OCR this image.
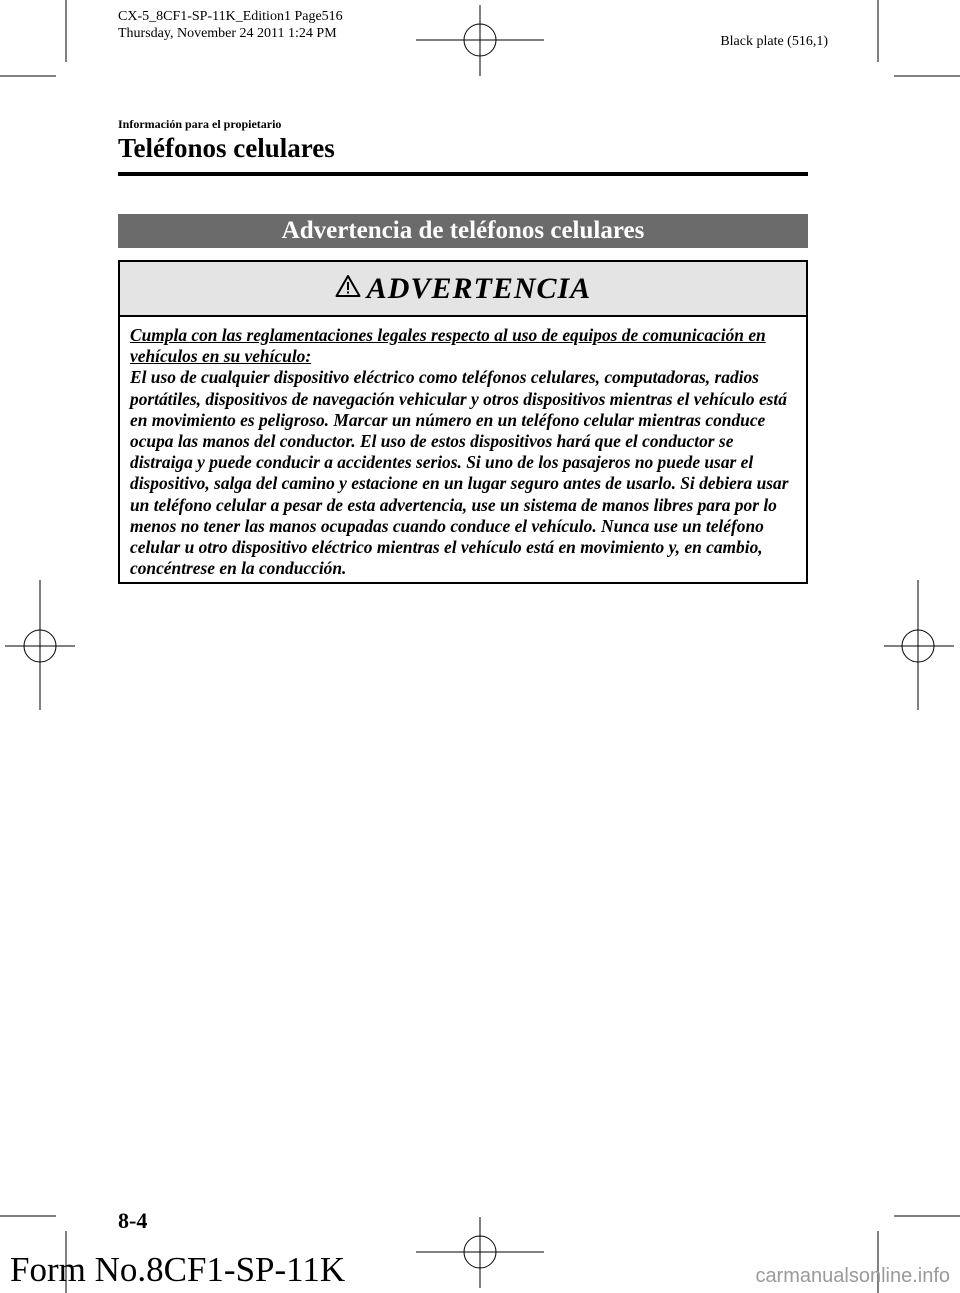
CX-5_8CF1-SP-11K_Edition1 Page516
Thursday, November 24 2011 1:24 PM
Black plate (516,1)
Información para el propietario
Teléfonos celulares
Advertencia de teléfonos celulares
ADVERTENCIA
Cumpla con las reglamentaciones legales respecto al uso de equipos de comunicación en vehículos en su vehículo:
El uso de cualquier dispositivo eléctrico como teléfonos celulares, computadoras, radios portátiles, dispositivos de navegación vehicular y otros dispositivos mientras el vehículo está en movimiento es peligroso. Marcar un número en un teléfono celular mientras conduce ocupa las manos del conductor. El uso de estos dispositivos hará que el conductor se distraiga y puede conducir a accidentes serios. Si uno de los pasajeros no puede usar el dispositivo, salga del camino y estacione en un lugar seguro antes de usarlo. Si debiera usar un teléfono celular a pesar de esta advertencia, use un sistema de manos libres para por lo menos no tener las manos ocupadas cuando conduce el vehículo. Nunca use un teléfono celular u otro dispositivo eléctrico mientras el vehículo está en movimiento y, en cambio, concéntrese en la conducción.
8-4
Form No.8CF1-SP-11K	carmanualsonline.info
